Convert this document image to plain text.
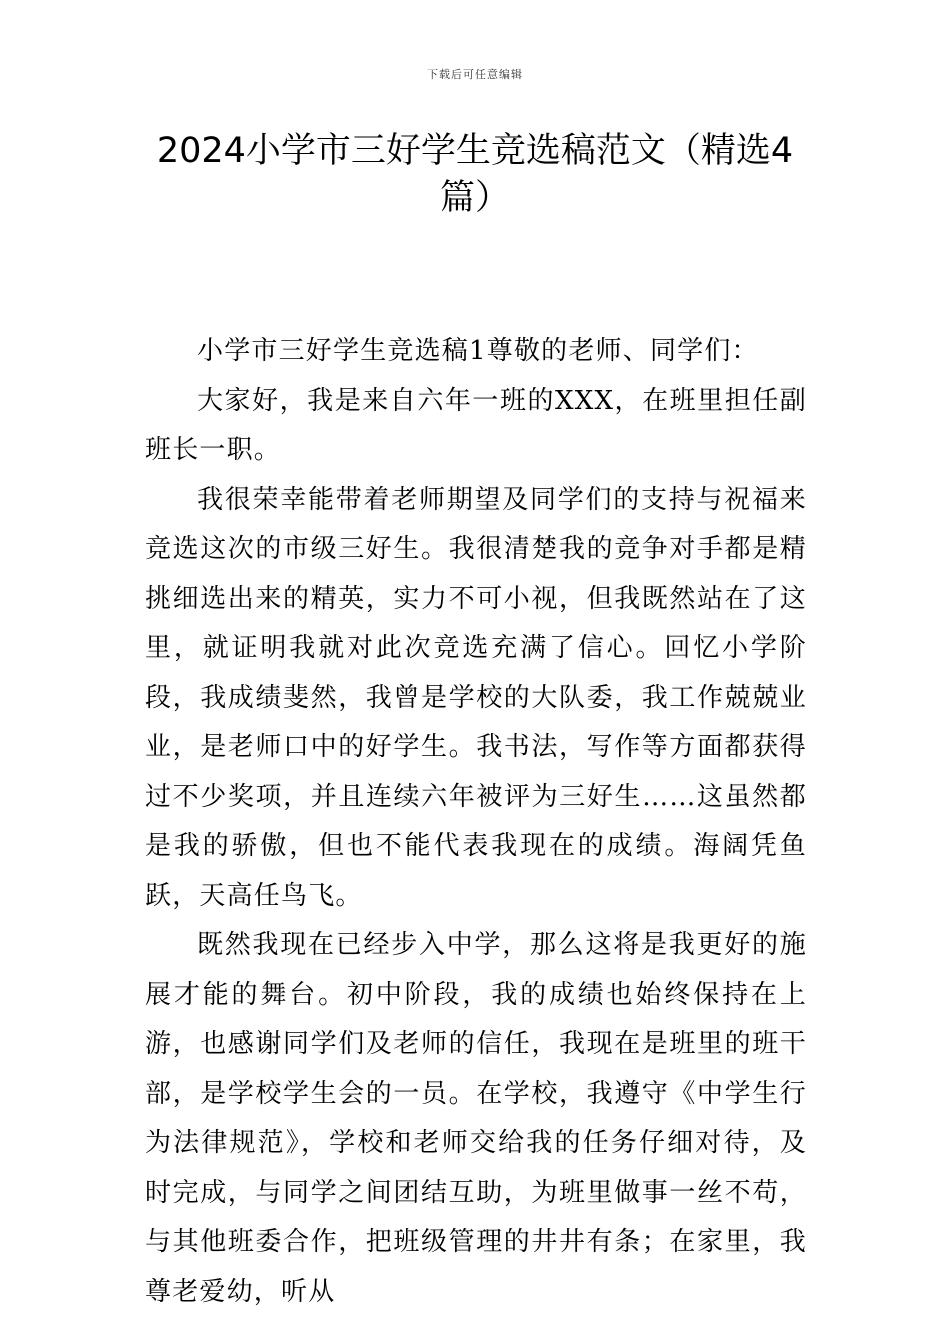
下载后可任意编辑
2024小学市三好学生竞选稿范文（精选4篇）

小学市三好学生竞选稿1尊敬的老师、同学们：

大家好，我是来自六年一班的XXX，在班里担任副班长一职。

我很荣幸能带着老师期望及同学们的支持与祝福来竞选这次的市级三好生。我很清楚我的竞争对手都是精挑细选出来的精英，实力不可小视，但我既然站在了这里，就证明我就对此次竞选充满了信心。回忆小学阶段，我成绩斐然，我曾是学校的大队委，我工作兢兢业业，是老师口中的好学生。我书法，写作等方面都获得过不少奖项，并且连续六年被评为三好生……这虽然都是我的骄傲，但也不能代表我现在的成绩。海阔凭鱼跃，天高任鸟飞。

既然我现在已经步入中学，那么这将是我更好的施展才能的舞台。初中阶段，我的成绩也始终保持在上游，也感谢同学们及老师的信任，我现在是班里的班干部，是学校学生会的一员。在学校，我遵守《中学生行为法律规范》，学校和老师交给我的任务仔细对待，及时完成，与同学之间团结互助，为班里做事一丝不苟，与其他班委合作，把班级管理的井井有条；在家里，我尊老爱幼，听从
